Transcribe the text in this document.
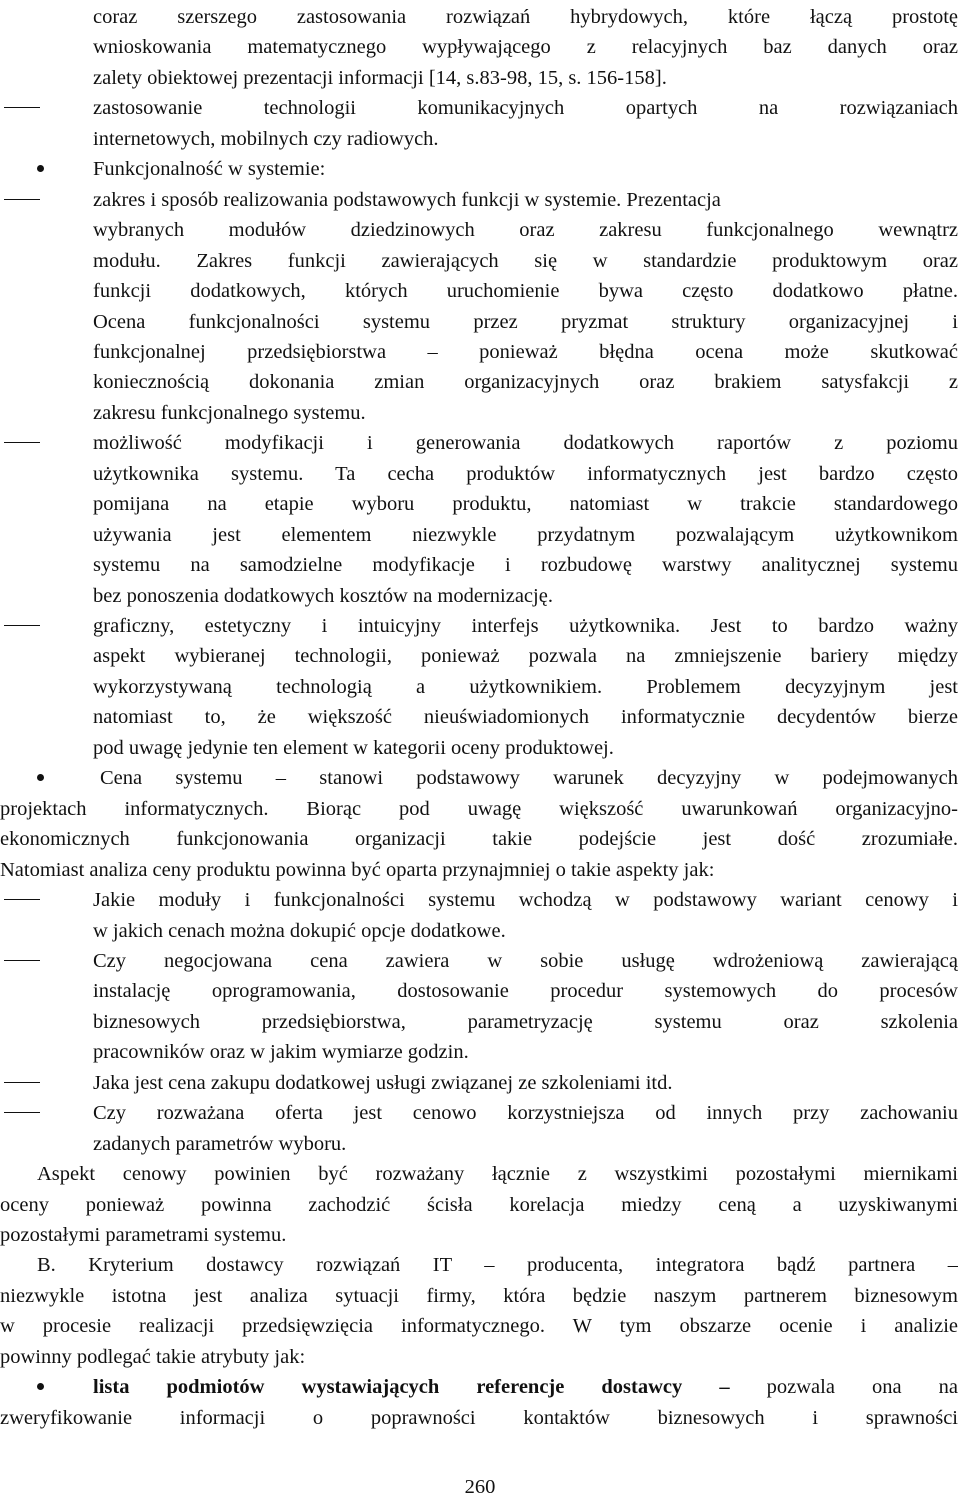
coraz szerszego zastosowania rozwiązań hybrydowych, które łączą prostotę
wnioskowania matematycznego wypływającego z relacyjnych baz danych oraz
zalety obiektowej prezentacji informacji [14, s.83-98, 15, s. 156-158].
zastosowanie technologii komunikacyjnych opartych na rozwiązaniach
internetowych, mobilnych czy radiowych.
Funkcjonalność w systemie:
zakres i sposób realizowania podstawowych funkcji w systemie. Prezentacja
wybranych modułów dziedzinowych oraz zakresu funkcjonalnego wewnątrz
modułu. Zakres funkcji zawierających się w standardzie produktowym oraz
funkcji dodatkowych, których uruchomienie bywa często dodatkowo płatne.
Ocena funkcjonalności systemu przez pryzmat struktury organizacyjnej i
funkcjonalnej przedsiębiorstwa – ponieważ błędna ocena może skutkować
koniecznością dokonania zmian organizacyjnych oraz brakiem satysfakcji z
zakresu funkcjonalnego systemu.
możliwość modyfikacji i generowania dodatkowych raportów z poziomu
użytkownika systemu. Ta cecha produktów informatycznych jest bardzo często
pomijana na etapie wyboru produktu, natomiast w trakcie standardowego
używania jest elementem niezwykle przydatnym pozwalającym użytkownikom
systemu na samodzielne modyfikacje i rozbudowę warstwy analitycznej systemu
bez ponoszenia dodatkowych kosztów na modernizację.
graficzny, estetyczny i intuicyjny interfejs użytkownika. Jest to bardzo ważny
aspekt wybieranej technologii, ponieważ pozwala na zmniejszenie bariery między
wykorzystywaną technologią a użytkownikiem. Problemem decyzyjnym jest
natomiast to, że większość nieuświadomionych informatycznie decydentów bierze
pod uwagę jedynie ten element w kategorii oceny produktowej.
Cena systemu – stanowi podstawowy warunek decyzyjny w podejmowanych
projektach informatycznych. Biorąc pod uwagę większość uwarunkowań organizacyjno-
ekonomicznych funkcjonowania organizacji takie podejście jest dość zrozumiałe.
Natomiast analiza ceny produktu powinna być oparta przynajmniej o takie aspekty jak:
Jakie moduły i funkcjonalności systemu wchodzą w podstawowy wariant cenowy i
w jakich cenach można dokupić opcje dodatkowe.
Czy negocjowana cena zawiera w sobie usługę wdrożeniową zawierającą
instalację oprogramowania, dostosowanie procedur systemowych do procesów
biznesowych przedsiębiorstwa, parametryzację systemu oraz szkolenia
pracowników oraz w jakim wymiarze godzin.
Jaka jest cena zakupu dodatkowej usługi związanej ze szkoleniami itd.
Czy rozważana oferta jest cenowo korzystniejsza od innych przy zachowaniu
zadanych parametrów wyboru.
Aspekt cenowy powinien być rozważany łącznie z wszystkimi pozostałymi miernikami
oceny ponieważ powinna zachodzić ścisła korelacja miedzy ceną a uzyskiwanymi
pozostałymi parametrami systemu.
B. Kryterium dostawcy rozwiązań IT – producenta, integratora bądź partnera –
niezwykle istotna jest analiza sytuacji firmy, która będzie naszym partnerem biznesowym
w procesie realizacji przedsięwzięcia informatycznego. W tym obszarze ocenie i analizie
powinny podlegać takie atrybuty jak:
lista podmiotów wystawiających referencje dostawcy – pozwala ona na
zweryfikowanie informacji o poprawności kontaktów biznesowych i sprawności
260
